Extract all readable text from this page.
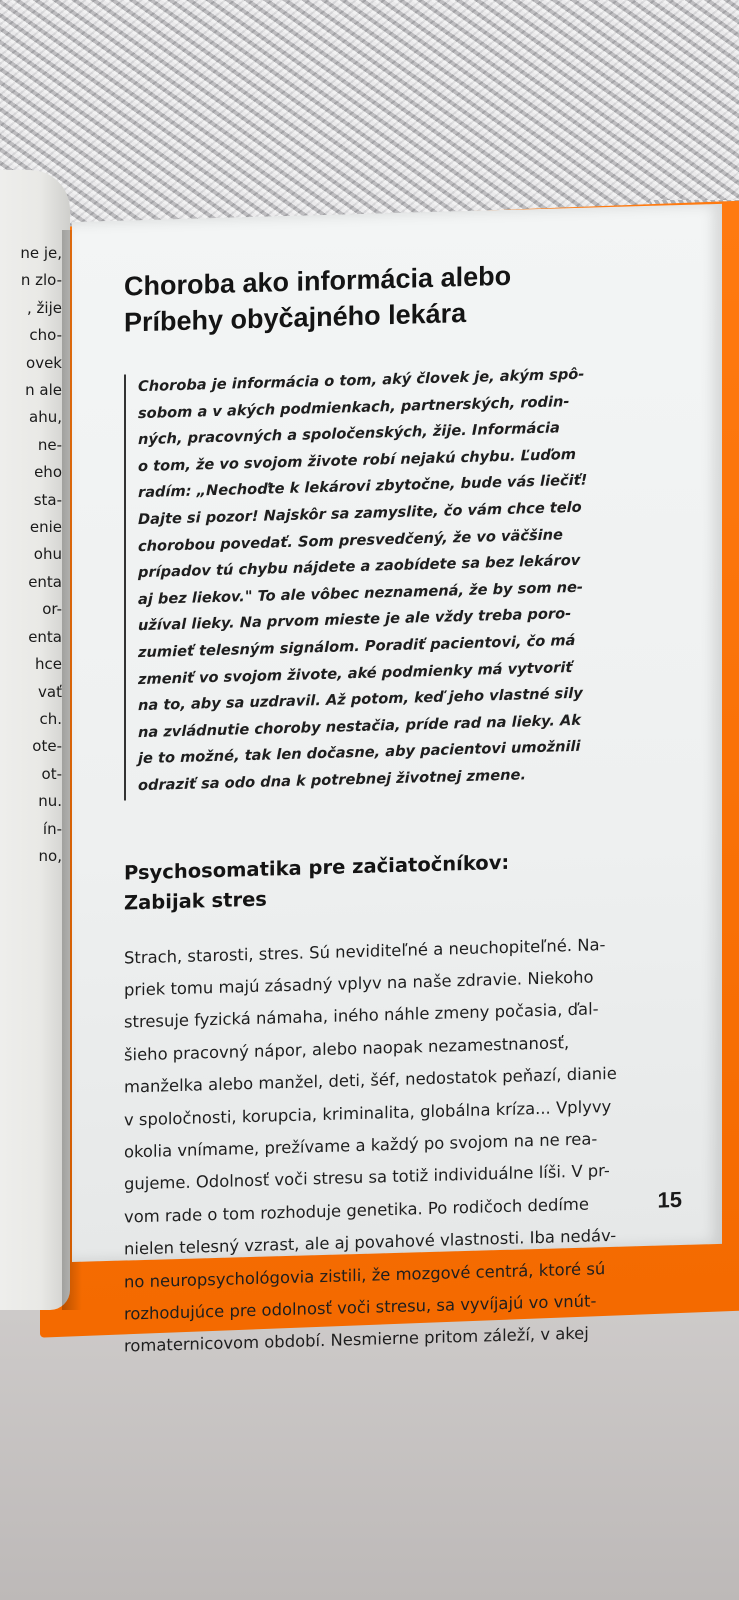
ne je,
n zlo-
, žije
cho-
ovek
n ale
ahu,
ne-
eho
sta-
enie
ohu
enta
or-
enta
hce
vať
ch.
ote-
ot-
nu.
ín-
no,
Choroba ako informácia alebo
Príbehy obyčajného lekára
Choroba je informácia o tom, aký človek je, akým spô-
sobom a v akých podmienkach, partnerských, rodin-
ných, pracovných a spoločenských, žije. Informácia
o tom, že vo svojom živote robí nejakú chybu. Ľuďom
radím: „Nechoďte k lekárovi zbytočne, bude vás liečiť!
Dajte si pozor! Najskôr sa zamyslite, čo vám chce telo
chorobou povedať. Som presvedčený, že vo väčšine
prípadov tú chybu nájdete a zaobídete sa bez lekárov
aj bez liekov." To ale vôbec neznamená, že by som ne-
užíval lieky. Na prvom mieste je ale vždy treba poro-
zumieť telesným signálom. Poradiť pacientovi, čo má
zmeniť vo svojom živote, aké podmienky má vytvoriť
na to, aby sa uzdravil. Až potom, keď jeho vlastné sily
na zvládnutie choroby nestačia, príde rad na lieky. Ak
je to možné, tak len dočasne, aby pacientovi umožnili
odraziť sa odo dna k potrebnej životnej zmene.
Psychosomatika pre začiatočníkov:
Zabijak stres
Strach, starosti, stres. Sú neviditeľné a neuchopiteľné. Na-
priek tomu majú zásadný vplyv na naše zdravie. Niekoho
stresuje fyzická námaha, iného náhle zmeny počasia, ďal-
šieho pracovný nápor, alebo naopak nezamestnanosť,
manželka alebo manžel, deti, šéf, nedostatok peňazí, dianie
v spoločnosti, korupcia, kriminalita, globálna kríza... Vplyvy
okolia vnímame, prežívame a každý po svojom na ne rea-
gujeme. Odolnosť voči stresu sa totiž individuálne líši. V pr-
vom rade o tom rozhoduje genetika. Po rodičoch dedíme
nielen telesný vzrast, ale aj povahové vlastnosti. Iba nedáv-
no neuropsychológovia zistili, že mozgové centrá, ktoré sú
rozhodujúce pre odolnosť voči stresu, sa vyvíjajú vo vnút-
romaternicovom období. Nesmierne pritom záleží, v akej
15
